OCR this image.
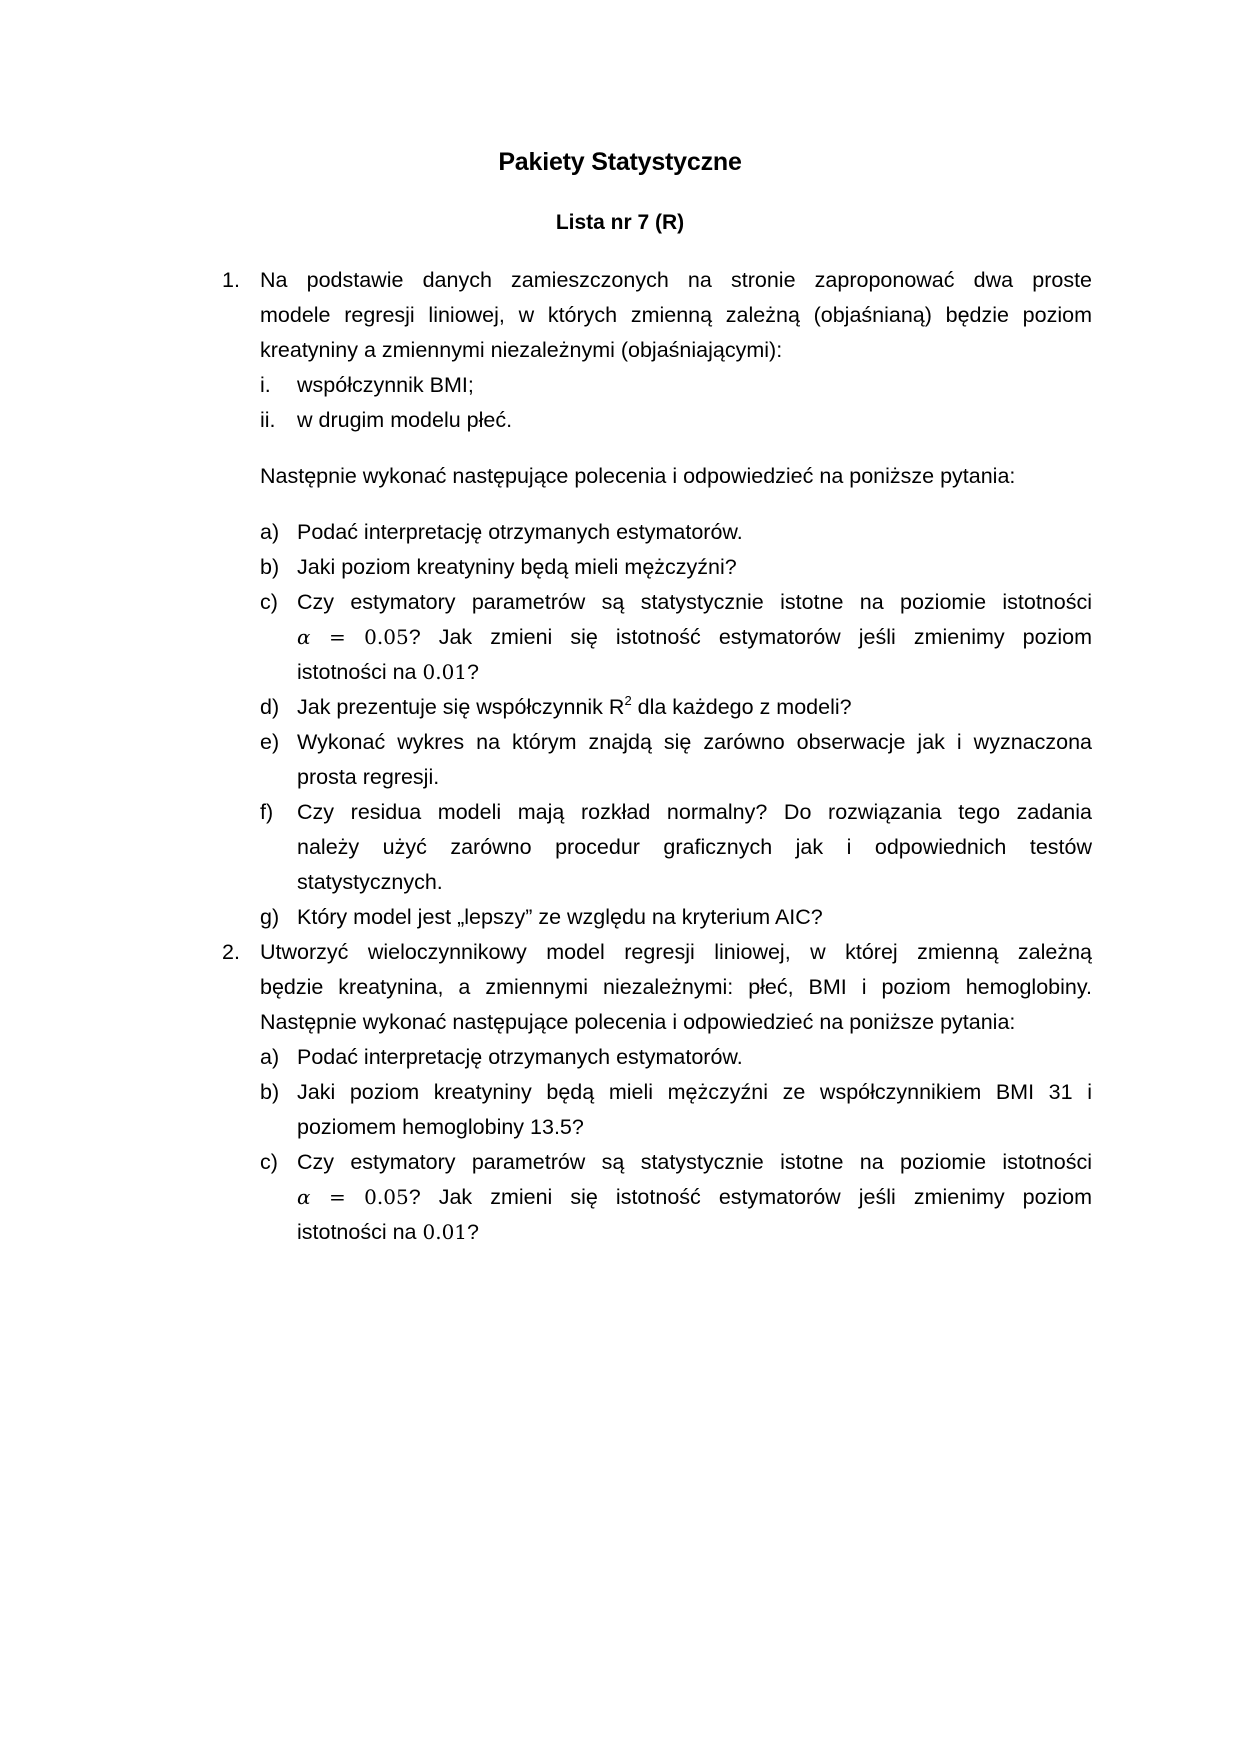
Pakiety Statystyczne
Lista nr 7 (R)
1. Na podstawie danych zamieszczonych na stronie zaproponować dwa proste
modele regresji liniowej, w których zmienną zależną (objaśnianą) będzie poziom
kreatyniny a zmiennymi niezależnymi (objaśniającymi):
i. współczynnik BMI;
ii. w drugim modelu płeć.
Następnie wykonać następujące polecenia i odpowiedzieć na poniższe pytania:
a) Podać interpretację otrzymanych estymatorów.
b) Jaki poziom kreatyniny będą mieli mężczyźni?
c) Czy estymatory parametrów są statystycznie istotne na poziomie istotności
α = 0.05? Jak zmieni się istotność estymatorów jeśli zmienimy poziom
istotności na 0.01?
d) Jak prezentuje się współczynnik $R^2$ dla każdego z modeli?
e) Wykonać wykres na którym znajdą się zarówno obserwacje jak i wyznaczona
prosta regresji.
f) Czy residua modeli mają rozkład normalny? Do rozwiązania tego zadania
należy użyć zarówno procedur graficznych jak i odpowiednich testów
statystycznych.
g) Który model jest „lepszy” ze względu na kryterium AIC?
2. Utworzyć wieloczynnikowy model regresji liniowej, w której zmienną zależną
będzie kreatynina, a zmiennymi niezależnymi: płeć, BMI i poziom hemoglobiny.
Następnie wykonać następujące polecenia i odpowiedzieć na poniższe pytania:
a) Podać interpretację otrzymanych estymatorów.
b) Jaki poziom kreatyniny będą mieli mężczyźni ze współczynnikiem BMI 31 i
poziomem hemoglobiny 13.5?
c) Czy estymatory parametrów są statystycznie istotne na poziomie istotności
α = 0.05? Jak zmieni się istotność estymatorów jeśli zmienimy poziom
istotności na 0.01?
